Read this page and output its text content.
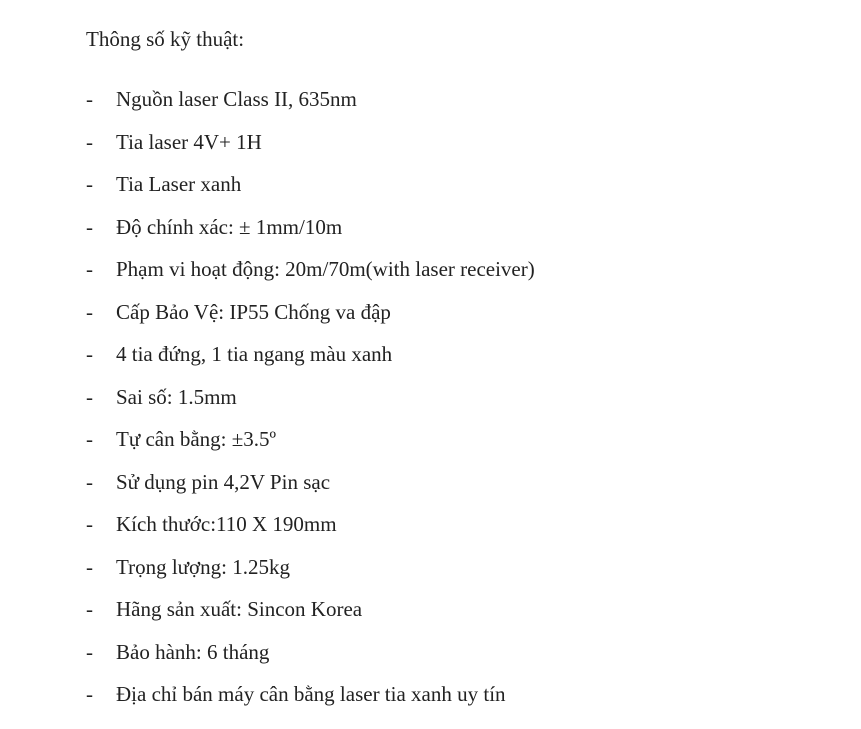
Thông số kỹ thuật:
-	Nguồn laser Class II, 635nm
-	Tia laser 4V+ 1H
-	Tia Laser xanh
-	Độ chính xác: ± 1mm/10m
-	Phạm vi hoạt động: 20m/70m(with laser receiver)
-	Cấp Bảo Vệ: IP55 Chống va đập
-	4 tia đứng, 1 tia ngang màu xanh
-	Sai số: 1.5mm
-	Tự cân bằng: ±3.5º
-	Sử dụng pin 4,2V Pin sạc
-	Kích thước:110 X 190mm
-	Trọng lượng: 1.25kg
-	Hãng sản xuất: Sincon Korea
-	Bảo hành: 6 tháng
-	Địa chỉ bán máy cân bằng laser tia xanh uy tín
